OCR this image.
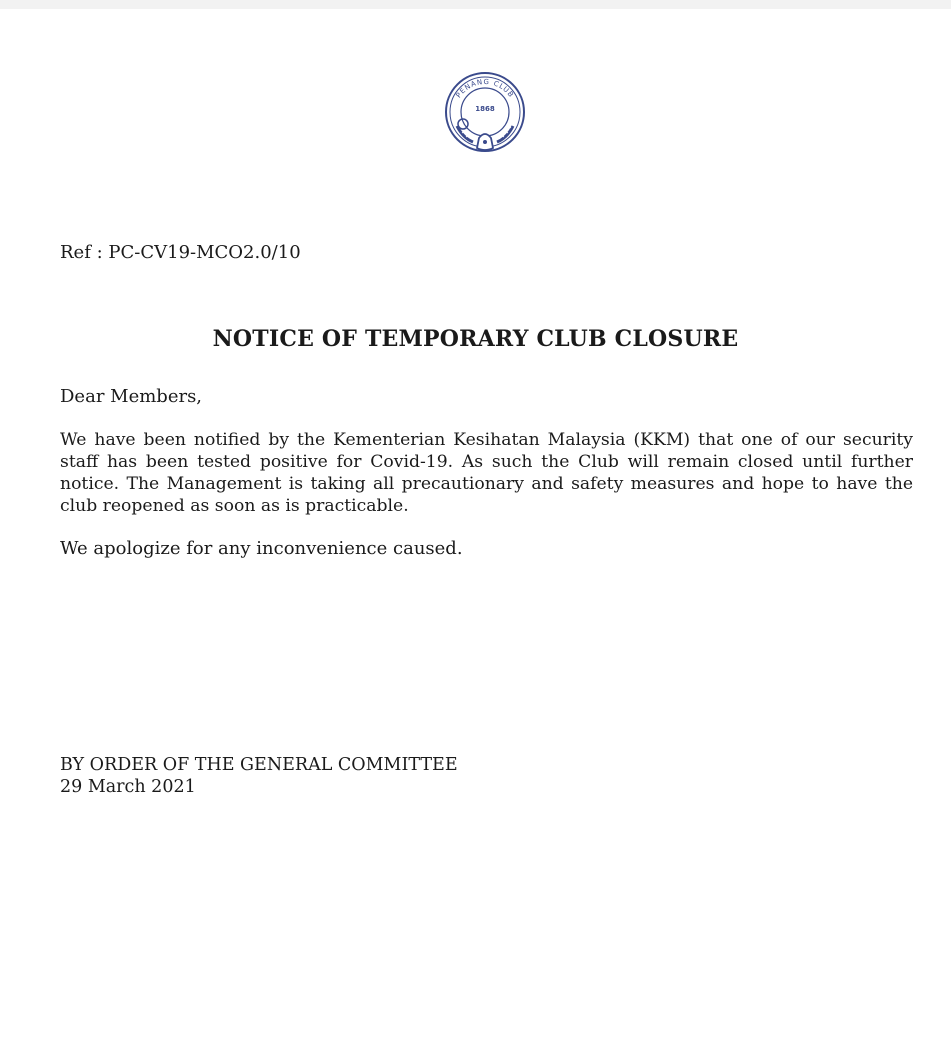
PENANG CLUB
1868
Ref : PC-CV19-MCO2.0/10
NOTICE OF TEMPORARY CLUB CLOSURE
Dear Members,
We have been notified by the Kementerian Kesihatan Malaysia (KKM) that one of our security staff has been tested positive for Covid-19. As such the Club will remain closed until further notice. The Management is taking all precautionary and safety measures and hope to have the club reopened as soon as is practicable.
We apologize for any inconvenience caused.
BY ORDER OF THE GENERAL COMMITTEE
29 March 2021
